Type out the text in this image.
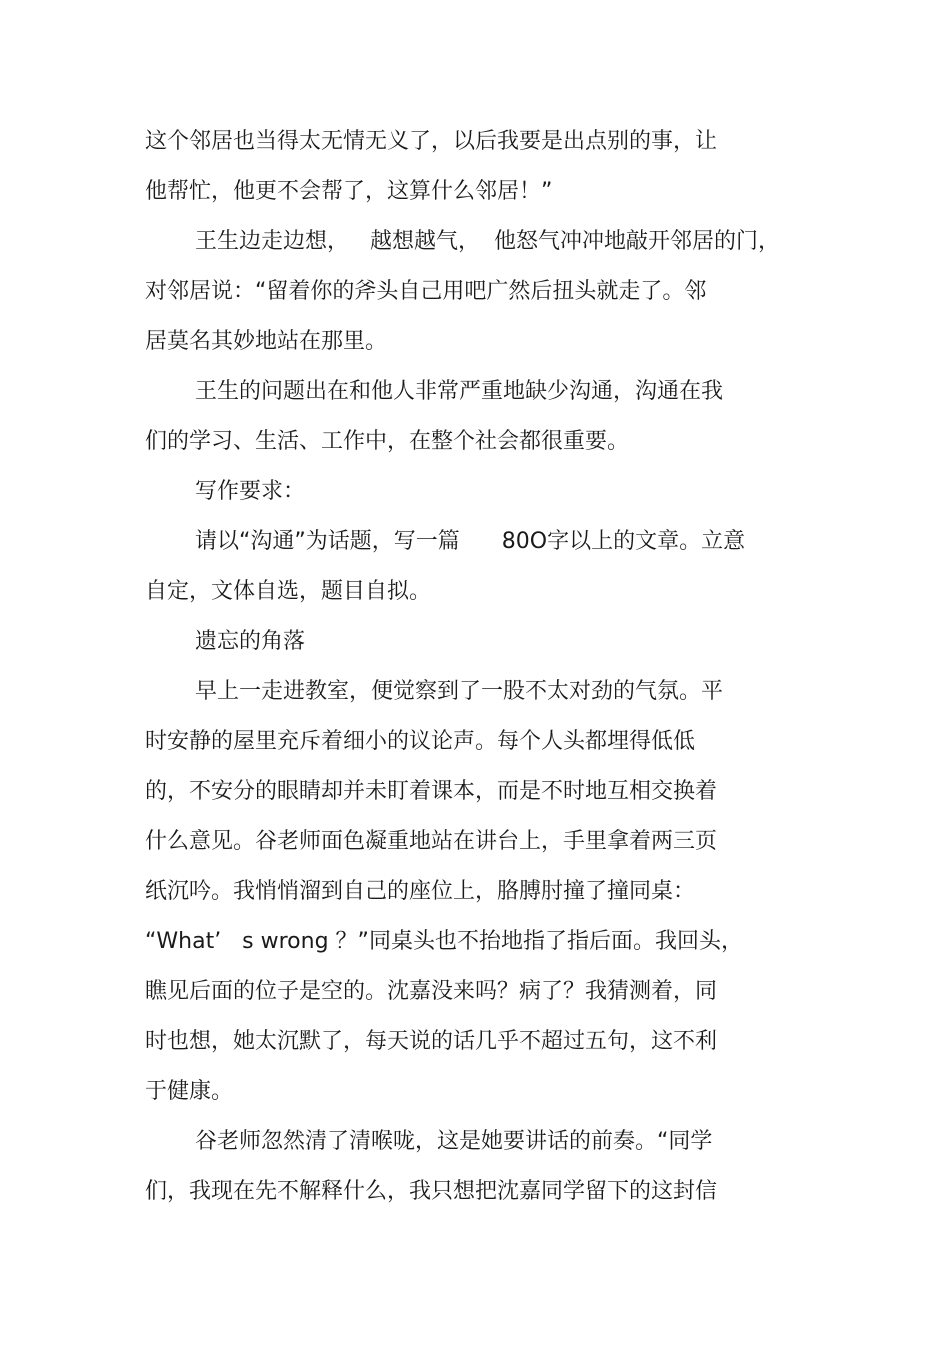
这个邻居也当得太无情无义了，以后我要是出点别的事，让
他帮忙，他更不会帮了，这算什么邻居！”
王生边走边想，   越想越气，  他怒气冲冲地敲开邻居的门，
对邻居说：“留着你的斧头自己用吧广然后扭头就走了。邻
居莫名其妙地站在那里。
王生的问题出在和他人非常严重地缺少沟通，沟通在我
们的学习、生活、工作中，在整个社会都很重要。
写作要求：
请以“沟通”为话题，写一篇      80O字以上的文章。立意
自定，文体自选，题目自拟。
遗忘的角落
早上一走进教室，便觉察到了一股不太对劲的气氛。平
时安静的屋里充斥着细小的议论声。每个人头都埋得低低
的，不安分的眼睛却并未盯着课本，而是不时地互相交换着
什么意见。谷老师面色凝重地站在讲台上，手里拿着两三页
纸沉吟。我悄悄溜到自己的座位上，胳膊肘撞了撞同桌：
“What’   s wrong ？”同桌头也不抬地指了指后面。我回头，
瞧见后面的位子是空的。沈嘉没来吗？病了？我猜测着，同
时也想，她太沉默了，每天说的话几乎不超过五句，这不利
于健康。
谷老师忽然清了清喉咙，这是她要讲话的前奏。“同学
们，我现在先不解释什么，我只想把沈嘉同学留下的这封信
